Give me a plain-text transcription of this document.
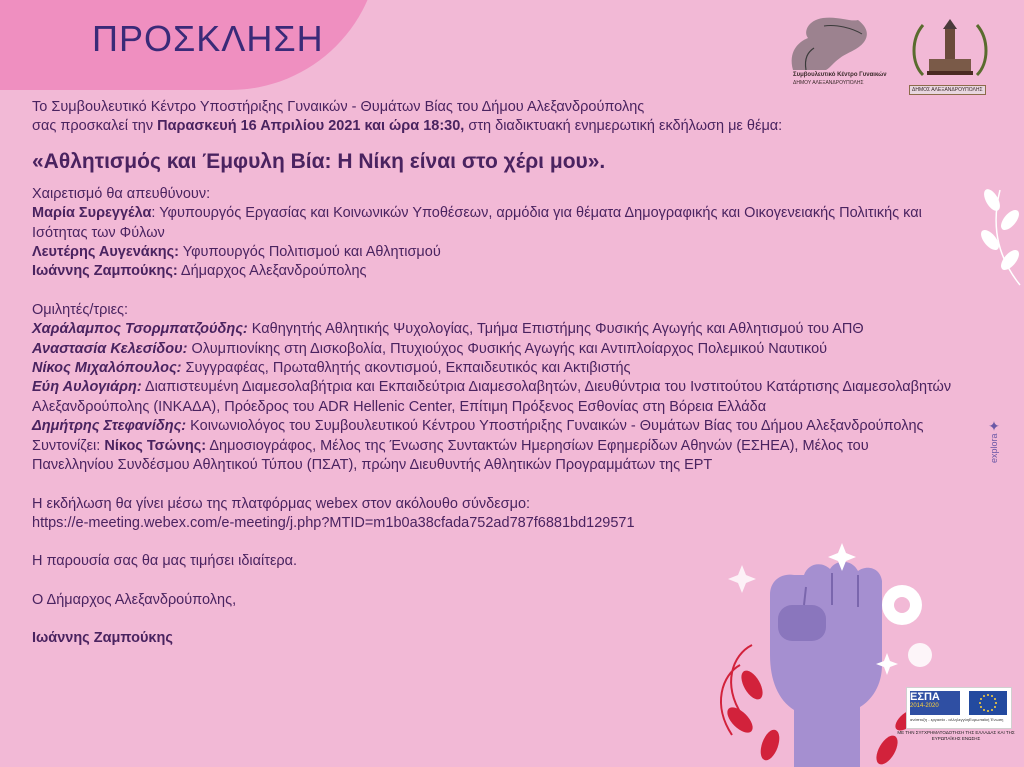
ΠΡΟΣΚΛΗΣΗ
Συμβουλευτικό Κέντρο Γυναικών
ΔΗΜΟΥ ΑΛΕΞΑΝΔΡΟΥΠΟΛΗΣ
ΔΗΜΟΣ ΑΛΕΞΑΝΔΡΟΥΠΟΛΗΣ

Το Συμβουλευτικό Κέντρο Υποστήριξης Γυναικών - Θυμάτων Βίας του Δήμου Αλεξανδρούπολης

σας προσκαλεί την Παρασκευή 16 Απριλίου 2021 και ώρα 18:30, στη διαδικτυακή ενημερωτική εκδήλωση με θέμα:

«Αθλητισμός και Έμφυλη Βία: Η Νίκη είναι στο χέρι μου».

Χαιρετισμό θα απευθύνουν:

Μαρία Συρεγγέλα: Υφυπουργός Εργασίας και Κοινωνικών Υποθέσεων, αρμόδια για θέματα Δημογραφικής και Οικογενειακής Πολιτικής και Ισότητας των Φύλων

Λευτέρης Αυγενάκης: Υφυπουργός Πολιτισμού και Αθλητισμού

Ιωάννης Ζαμπούκης: Δήμαρχος Αλεξανδρούπολης

Ομιλητές/τριες:

Χαράλαμπος Τσορμπατζούδης: Καθηγητής Αθλητικής Ψυχολογίας, Τμήμα Επιστήμης Φυσικής Αγωγής και Αθλητισμού του ΑΠΘ

Αναστασία Κελεσίδου: Ολυμπιονίκης στη Δισκοβολία, Πτυχιούχος Φυσικής Αγωγής και Αντιπλοίαρχος Πολεμικού Ναυτικού

Νίκος Μιχαλόπουλος: Συγγραφέας, Πρωταθλητής ακοντισμού, Εκπαιδευτικός και Ακτιβιστής

Εύη Αυλογιάρη: Διαπιστευμένη Διαμεσολαβήτρια και Εκπαιδεύτρια Διαμεσολαβητών, Διευθύντρια του Ινστιτούτου Κατάρτισης Διαμεσολαβητών Αλεξανδρούπολης (ΙΝΚΑΔΑ), Πρόεδρος του ADR Hellenic Center, Επίτιμη Πρόξενος Εσθονίας στη Βόρεια Ελλάδα

Δημήτρης Στεφανίδης: Κοινωνιολόγος του Συμβουλευτικού Κέντρου Υποστήριξης Γυναικών - Θυμάτων Βίας του Δήμου Αλεξανδρούπολης

Συντονίζει: Νίκος Τσώνης: Δημοσιογράφος, Μέλος της Ένωσης Συντακτών Ημερησίων Εφημερίδων Αθηνών (ΕΣΗΕΑ), Μέλος του Πανελληνίου Συνδέσμου Αθλητικού Τύπου (ΠΣΑΤ), πρώην Διευθυντής Αθλητικών Προγραμμάτων της ΕΡΤ

Η εκδήλωση θα γίνει μέσω της πλατφόρμας webex στον ακόλουθο σύνδεσμο:

https://e-meeting.webex.com/e-meeting/j.php?MTID=m1b0a38cfada752ad787f6881bd129571

Η παρουσία σας θα μας τιμήσει ιδιαίτερα.

Ο Δήμαρχος Αλεξανδρούπολης,

Ιωάννης Ζαμπούκης

✦
explora
ΕΣΠΑ
2014-2020
ανάπτυξη - εργασία - αλληλεγγύη Ευρωπαϊκή Ένωση
ΜΕ ΤΗΝ ΣΥΓΧΡΗΜΑΤΟΔΟΤΗΣΗ ΤΗΣ ΕΛΛΑΔΑΣ ΚΑΙ ΤΗΣ ΕΥΡΩΠΑΪΚΗΣ ΕΝΩΣΗΣ
